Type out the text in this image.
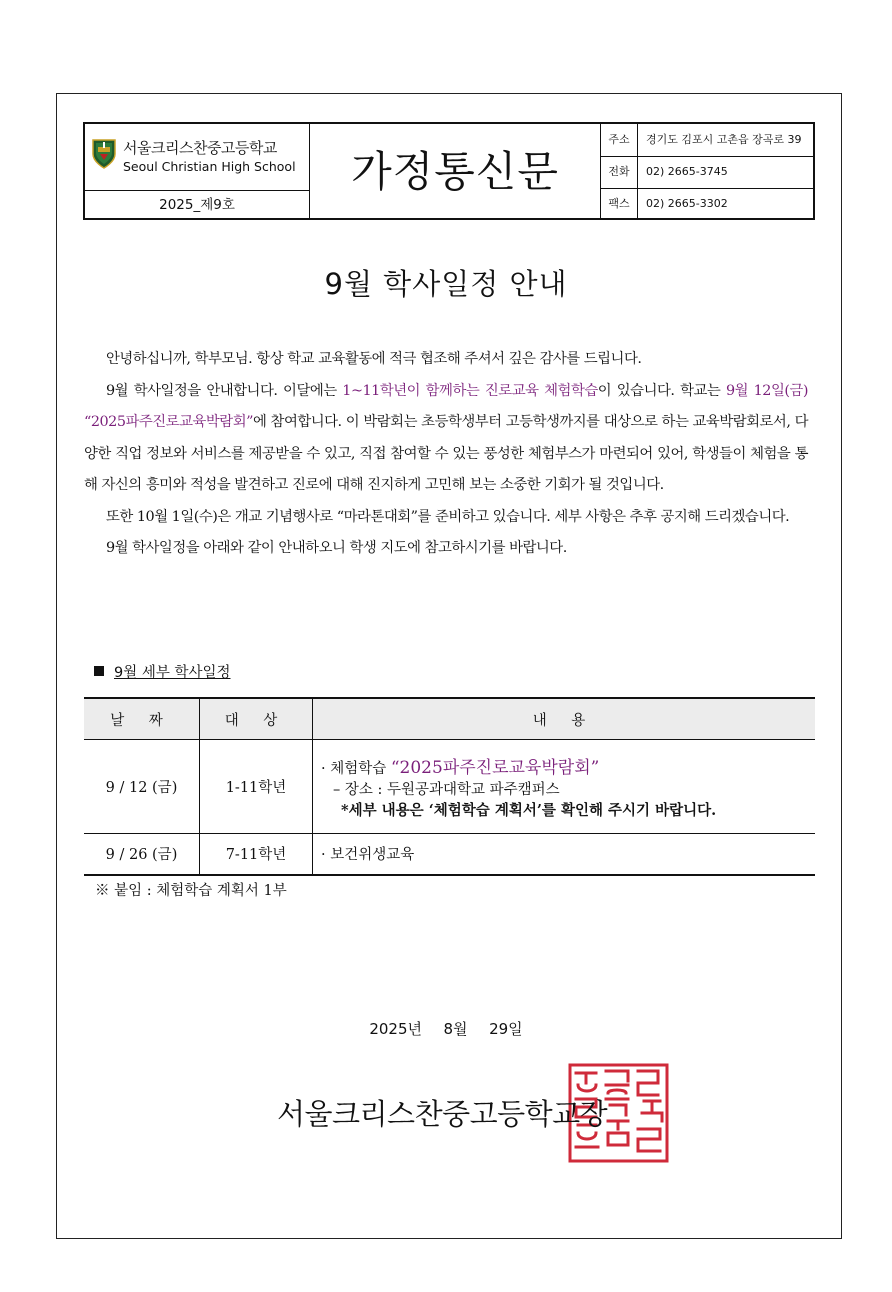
서울크리스찬중고등학교
Seoul Christian High School
2025_제9호
가정통신문
주소	경기도 김포시 고촌읍 장곡로 39
전화	02) 2665-3745
팩스	02) 2665-3302
9월 학사일정 안내

안녕하십니까, 학부모님. 항상 학교 교육활동에 적극 협조해 주셔서 깊은 감사를 드립니다.

9월 학사일정을 안내합니다. 이달에는 1~11학년이 함께하는 진로교육 체험학습이 있습니다. 학교는 9월 12일(금) “2025파주진로교육박람회”에 참여합니다. 이 박람회는 초등학생부터 고등학생까지를 대상으로 하는 교육박람회로서, 다양한 직업 정보와 서비스를 제공받을 수 있고, 직접 참여할 수 있는 풍성한 체험부스가 마련되어 있어, 학생들이 체험을 통해 자신의 흥미와 적성을 발견하고 진로에 대해 진지하게 고민해 보는 소중한 기회가 될 것입니다.

또한 10월 1일(수)은 개교 기념행사로 “마라톤대회”를 준비하고 있습니다. 세부 사항은 추후 공지해 드리겠습니다.

9월 학사일정을 아래와 같이 안내하오니 학생 지도에 참고하시기를 바랍니다.

9월 세부 학사일정
날 짜	대 상	내 용
9 / 12 (금)	1-11학년	· 체험학습 “2025파주진로교육박람회”
– 장소 : 두원공과대학교 파주캠퍼스
*세부 내용은 ‘체험학습 계획서’를 확인해 주시기 바랍니다.

9 / 26 (금)	7-11학년	· 보건위생교육
※ 붙임 : 체험학습 계획서 1부
2025년  8월  29일
서울크리스찬중고등학교장
